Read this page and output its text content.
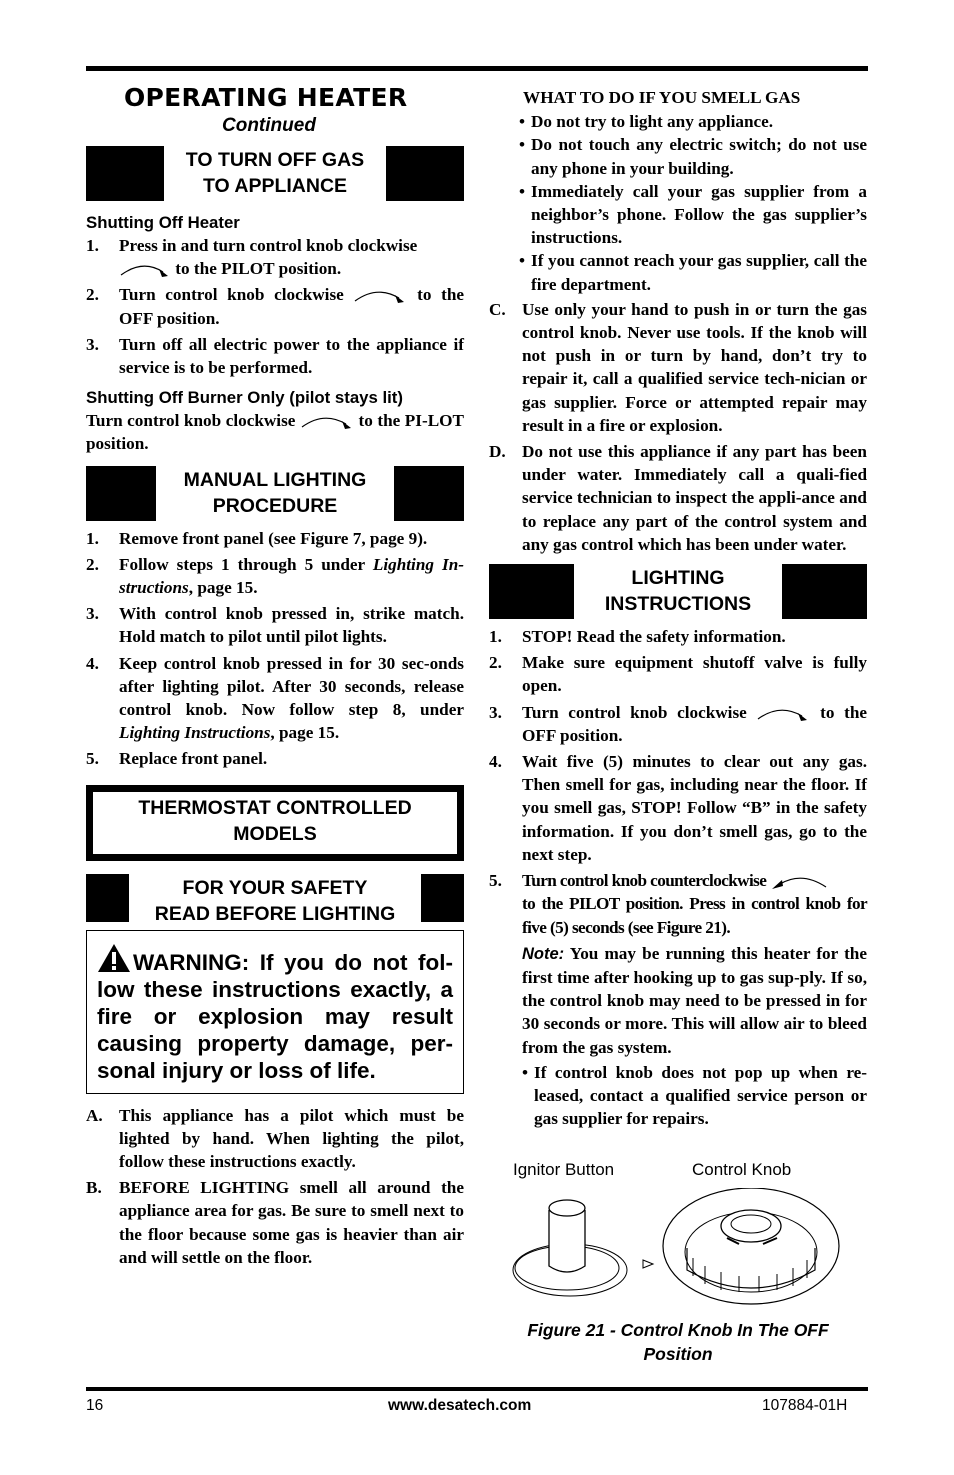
OPERATING HEATER
Continued
TO TURN OFF GAS
TO APPLIANCE
Shutting Off Heater
1.	Press in and turn control knob clockwise
to the PILOT position.
2.	Turn control knob clockwise	to the OFF position.
3.	Turn off all electric power to the appliance if service is to be performed.
Shutting Off Burner Only (pilot stays lit)
Turn control knob clockwise	to the PI-LOT position.
MANUAL LIGHTING
PROCEDURE
1.	Remove front panel (see Figure 7, page 9).
2.	Follow steps 1 through 5 under Lighting In-structions, page 15.
3.	With control knob pressed in, strike match. Hold match to pilot until pilot lights.
4.	Keep control knob pressed in for 30 sec-onds after lighting pilot. After 30 seconds, release control knob. Now follow step 8, under Lighting Instructions, page 15.
5.	Replace front panel.
THERMOSTAT CONTROLLED
MODELS
FOR YOUR SAFETY
READ BEFORE LIGHTING
WARNING: If you do not fol-low these instructions exactly, a fire or explosion may result causing property damage, per-sonal injury or loss of life.
A. This appliance has a pilot which must be lighted by hand. When lighting the pilot, follow these instructions exactly.
B.	BEFORE LIGHTING smell all around the appliance area for gas. Be sure to smell next to the floor because some gas is heavier than air and will settle on the floor.
WHAT TO DO IF YOU SMELL GAS
• Do not try to light any appliance.
• Do not touch any electric switch; do not use any phone in your building.
• Immediately call your gas supplier from a neighbor’s phone. Follow the gas supplier’s instructions.
• If you cannot reach your gas supplier, call the fire department.
C. Use only your hand to push in or turn the gas control knob. Never use tools. If the knob will not push in or turn by hand, don’t try to repair it, call a qualified service tech-nician or gas supplier. Force or attempted repair may result in a fire or explosion.
D. Do not use this appliance if any part has been under water. Immediately call a quali-fied service technician to inspect the appli-ance and to replace any part of the control system and any gas control which has been under water.
LIGHTING
INSTRUCTIONS
1.	STOP! Read the safety information.
2.	Make sure equipment shutoff valve is fully open.
3.	Turn control knob clockwise	to the OFF position.
4.	Wait five (5) minutes to clear out any gas. Then smell for gas, including near the floor. If you smell gas, STOP! Follow “B” in the safety information. If you don’t smell gas, go to the next step.
5.	Turn control knob counterclockwise
to the PILOT position. Press in control knob for five (5) seconds (see Figure 21).
Note: You may be running this heater for the first time after hooking up to gas sup-ply. If so, the control knob may need to be pressed in for 30 seconds or more. This will allow air to bleed from the gas system.
• If control knob does not pop up when re-leased, contact a qualified service person or gas supplier for repairs.
Ignitor Button	Control Knob
Figure 21 - Control Knob In The OFF
Position
16	www.desatech.com	107884-01H
